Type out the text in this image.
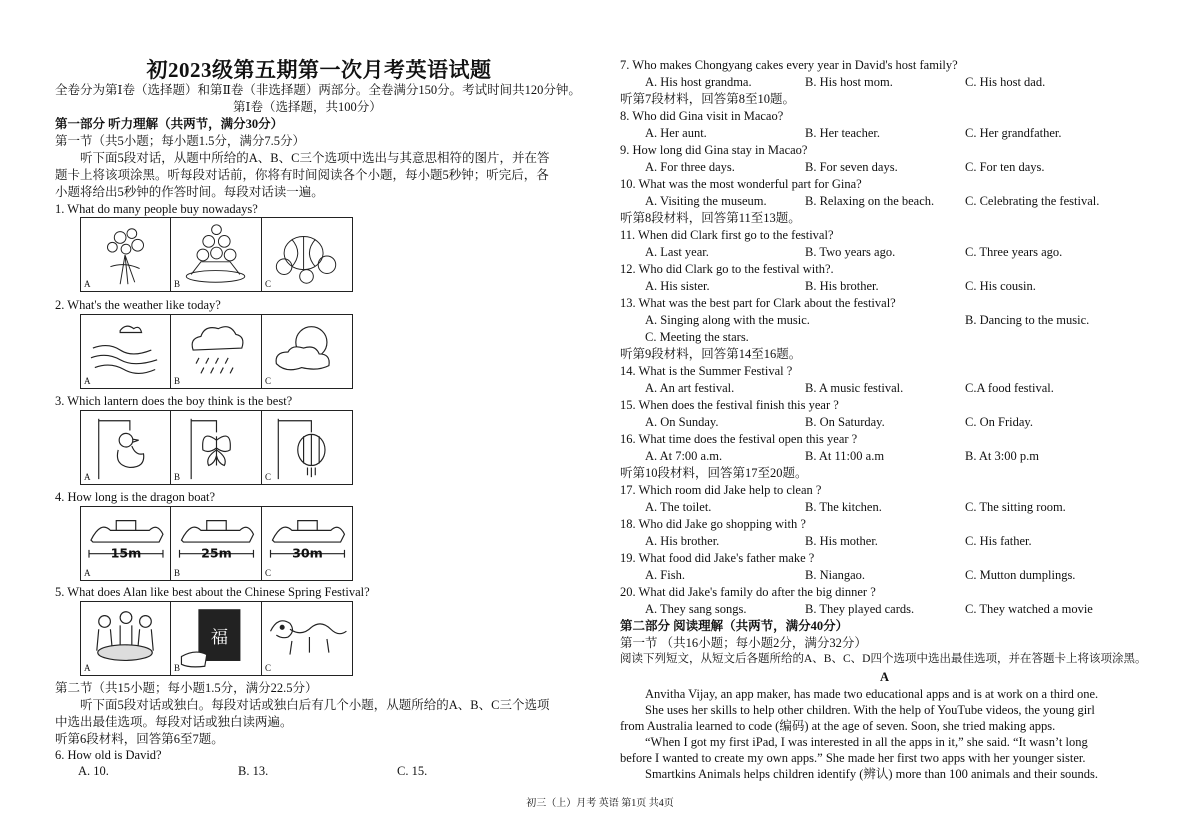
初2023级第五期第一次月考英语试题
全卷分为第Ⅰ卷（选择题）和第Ⅱ卷（非选择题）两部分。全卷满分150分。考试时间共120分钟。
第Ⅰ卷（选择题，共100分）
第一部分 听力理解（共两节，满分30分）
第一节（共5小题；每小题1.5分，满分7.5分）
听下面5段对话，从题中所给的A、B、C三个选项中选出与其意思相符的图片，并在答
题卡上将该项涂黑。听每段对话前，你将有时间阅读各个小题，每小题5秒钟；听完后，各
小题将给出5秒钟的作答时间。每段对话读一遍。
1. What do many people buy nowadays?
A	B	C
2. What's the weather like today?
A	B	C
3. Which lantern does the boy think is the best?
A	B	C
4. How long is the dragon boat?
15m
A
25m
B
30m
C
5. What does Alan like best about the Chinese Spring Festival?
A
福
B	C
第二节（共15小题；每小题1.5分，满分22.5分）
听下面5段对话或独白。每段对话或独白后有几个小题，从题所给的A、B、C三个选项
中选出最佳选项。每段对话或独白读两遍。
听第6段材料，回答第6至7题。
6. How old is David?
A. 10.	B. 13.	C. 15.
7. Who makes Chongyang cakes every year in David's host family?
A. His host grandma.	B. His host mom.	C. His host dad.
听第7段材料，回答第8至10题。
8. Who did Gina visit in Macao?
A. Her aunt.	B. Her teacher.	C. Her grandfather.
9. How long did Gina stay in Macao?
A. For three days.	B. For seven days.	C. For ten days.
10. What was the most wonderful part for Gina?
A. Visiting the museum.	B. Relaxing on the beach. C. Celebrating the festival.
听第8段材料，回答第11至13题。
11. When did Clark first go to the festival?
A. Last year.	B. Two years ago.	C. Three years ago.
12. Who did Clark go to the festival with?.
A. His sister.	B. His brother.	C. His cousin.
13. What was the best part for Clark about the festival?
A. Singing along with the music.	B. Dancing to the music.
C. Meeting the stars.
听第9段材料，回答第14至16题。
14. What is the Summer Festival ?
A. An art festival.	B. A music festival.	C.A food festival.
15. When does the festival finish this year ?
A. On Sunday.	B. On Saturday.	C. On Friday.
16. What time does the festival open this year ?
A. At 7:00 a.m.	B. At 11:00 a.m	B. At 3:00 p.m
听第10段材料，回答第17至20题。
17. Which room did Jake help to clean ?
A. The toilet.	B. The kitchen.	C. The sitting room.
18. Who did Jake go shopping with ?
A. His brother.	B. His mother.	C. His father.
19. What food did Jake's father make ?
A. Fish.	B. Niangao.	C. Mutton dumplings.
20. What did Jake's family do after the big dinner ?
A. They sang songs.	B. They played cards.	C. They watched a movie
第二部分 阅读理解（共两节，满分40分）
第一节 （共16小题；每小题2分，满分32分）
阅读下列短文，从短文后各题所给的A、B、C、D四个选项中选出最佳选项，并在答题卡上将该项涂黑。
A
Anvitha Vijay, an app maker, has made two educational apps and is at work on a third one.
She uses her skills to help other children. With the help of YouTube videos, the young girl
from Australia learned to code (编码) at the age of seven. Soon, she tried making apps.
“When I got my first iPad, I was interested in all the apps in it,” she said. “It wasn’t long
before I wanted to create my own apps.” She made her first two apps with her younger sister.
Smartkins Animals helps children identify (辨认) more than 100 animals and their sounds.
初三（上）月考 英语 第1页 共4页
